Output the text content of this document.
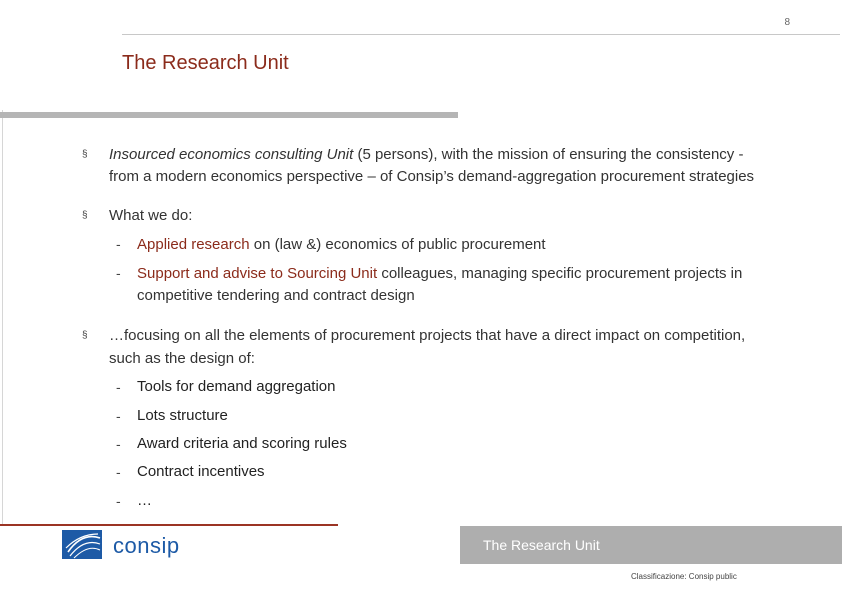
8
The Research Unit
§ Insourced economics consulting Unit (5 persons), with the mission of ensuring the consistency -
from a modern economics perspective – of Consip’s demand-aggregation procurement strategies
§ What we do:
- Applied research on (law &) economics of public procurement
- Support and advise to Sourcing Unit colleagues, managing specific procurement projects in
competitive tendering and contract design
§ …focusing on all the elements of procurement projects that have a direct impact on competition,
such as the design of:
- Tools for demand aggregation
- Lots structure
- Award criteria and scoring rules
- Contract incentives
- …
The Research Unit
consip
Classificazione: Consip public
